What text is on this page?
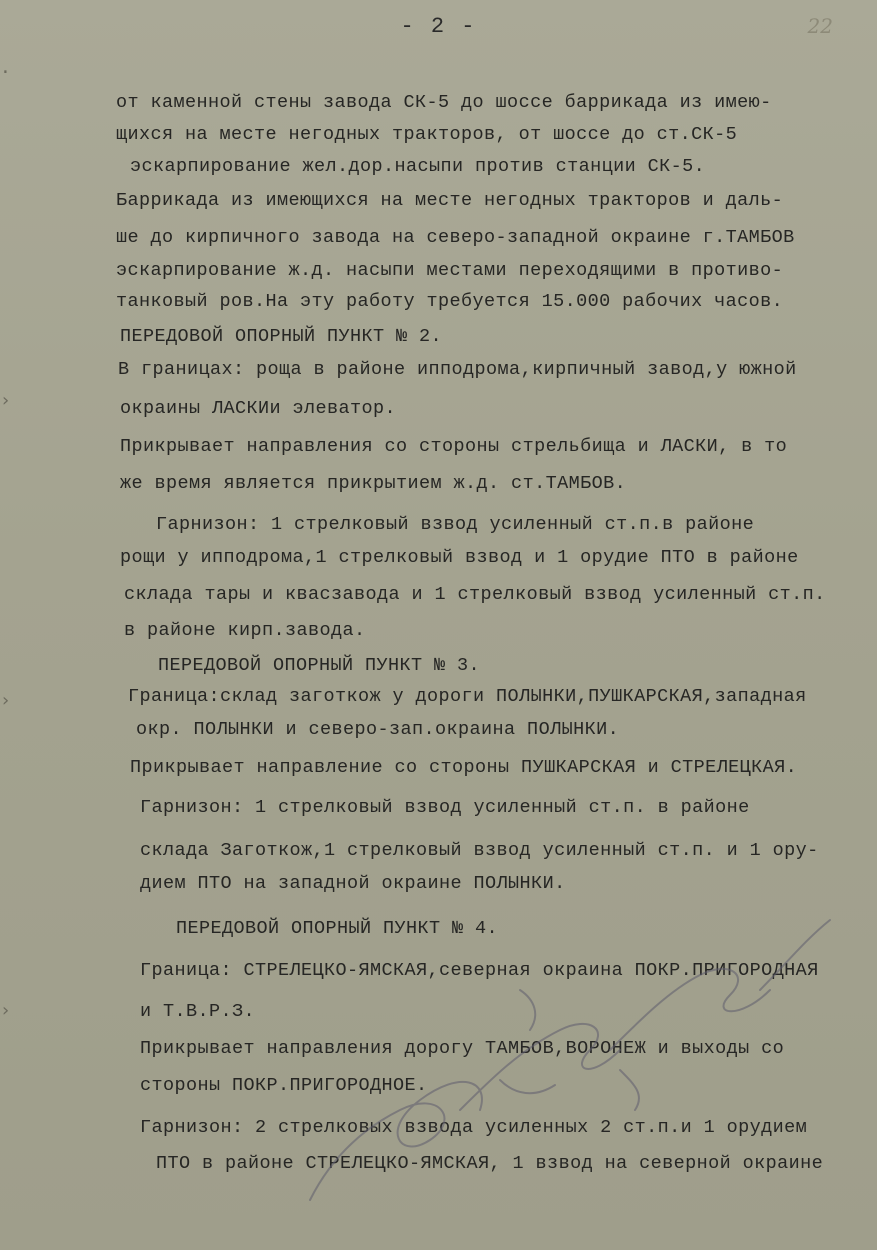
·
›
›
›
- 2 -	22
от каменной стены завода СК-5 до шоссе баррикада из имею-
щихся на месте негодных тракторов, от шоссе до ст.СК-5
эскарпирование жел.дор.насыпи против станции СК-5.
Баррикада из имеющихся на месте негодных тракторов и даль-
ше до кирпичного завода на северо-западной окраине г.ТАМБОВ
эскарпирование ж.д. насыпи местами переходящими в противо-
танковый ров.На эту работу требуется 15.000 рабочих часов.
ПЕРЕДОВОЙ ОПОРНЫЙ ПУНКТ № 2.
В границах: роща в районе ипподрома,кирпичный завод,у южной
окраины ЛАСКИи элеватор.
Прикрывает направления со стороны стрельбища и ЛАСКИ, в то
же время является прикрытием ж.д. ст.ТАМБОВ.
Гарнизон: 1 стрелковый взвод усиленный ст.п.в районе
рощи у ипподрома,1 стрелковый взвод и 1 орудие ПТО в районе
склада тары и квасзавода и 1 стрелковый взвод усиленный ст.п.
в районе кирп.завода.
ПЕРЕДОВОЙ ОПОРНЫЙ ПУНКТ № 3.
Граница:склад заготкож у дороги ПОЛЫНКИ,ПУШКАРСКАЯ,западная
окр. ПОЛЫНКИ и северо-зап.окраина ПОЛЫНКИ.
Прикрывает направление со стороны ПУШКАРСКАЯ и СТРЕЛЕЦКАЯ.
Гарнизон: 1 стрелковый взвод усиленный ст.п. в районе
склада Заготкож,1 стрелковый взвод усиленный ст.п. и 1 ору-
дием ПТО на западной окраине ПОЛЫНКИ.
ПЕРЕДОВОЙ ОПОРНЫЙ ПУНКТ № 4.
Граница: СТРЕЛЕЦКО-ЯМСКАЯ,северная окраина ПОКР.ПРИГОРОДНАЯ
и Т.В.Р.З.
Прикрывает направления дорогу ТАМБОВ,ВОРОНЕЖ и выходы со
стороны ПОКР.ПРИГОРОДНОЕ.
Гарнизон: 2 стрелковых взвода усиленных 2 ст.п.и 1 орудием
ПТО в районе СТРЕЛЕЦКО-ЯМСКАЯ, 1 взвод на северной окраине
